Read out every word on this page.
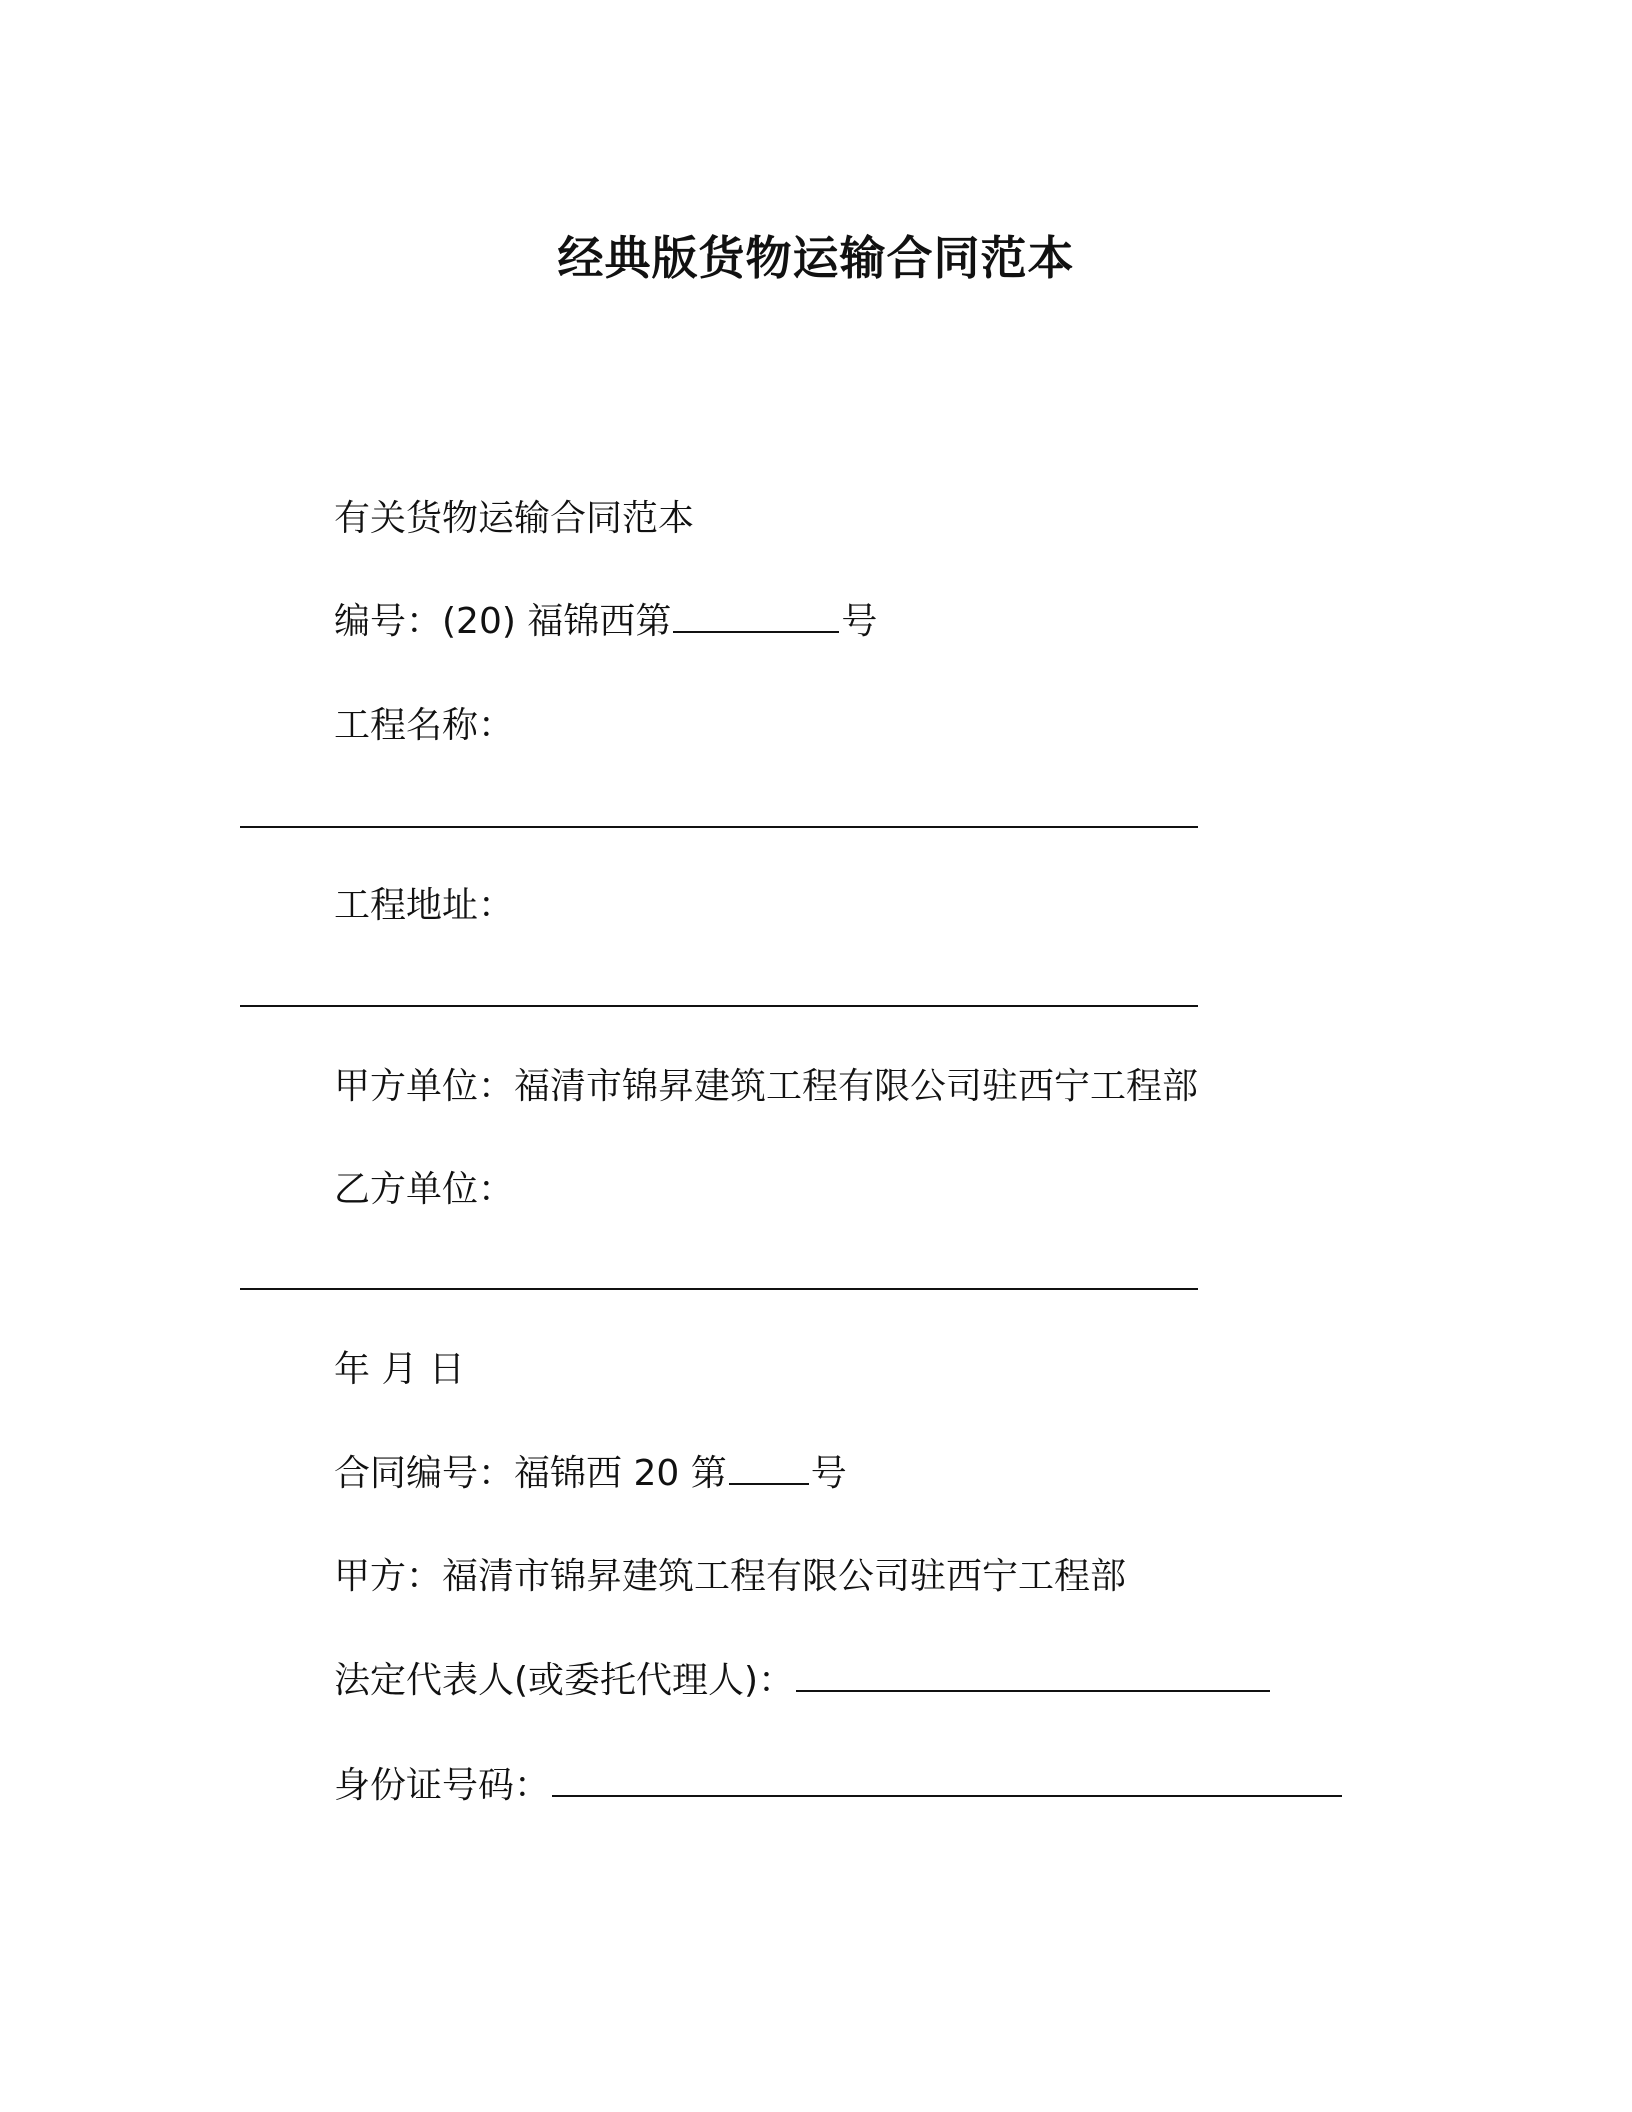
经典版货物运输合同范本
有关货物运输合同范本
编号：(20) 福锦西第	号
工程名称：
工程地址：
甲方单位：福清市锦昇建筑工程有限公司驻西宁工程部
乙方单位：
年 月 日
合同编号：福锦西 20 第 号
甲方：福清市锦昇建筑工程有限公司驻西宁工程部
法定代表人(或委托代理人)：
身份证号码：
